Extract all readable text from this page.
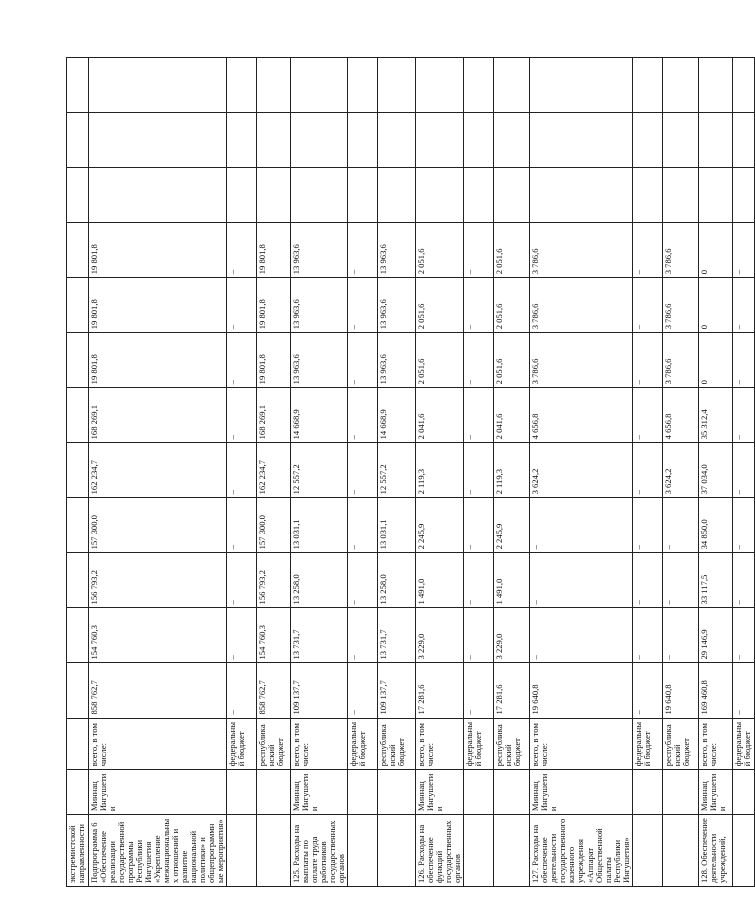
экстремистской направленности														
Подпрограмма 6 «Обеспечение реализации государственной программы Республики Ингушетия «Укрепление межнациональных отношений и развитие национальной политики» и общепрограммные мероприятия»	Миннац Ингушетии	всего, в том числе:	858 762,7	154 760,3	156 793,2	157 300,0	162 234,7	168 269,1	19 801,8	19 801,8	19 801,8			
		федеральный бюджет	–	–	–	–	–	–	–	–	–			
		республиканский бюджет	858 762,7	154 760,3	156 793,2	157 300,0	162 234,7	168 269,1	19 801,8	19 801,8	19 801,8			
125. Расходы на выплаты по оплате труда работников государственных органов	Миннац Ингушетии	всего, в том числе:	109 137,7	13 731,7	13 258,0	13 031,1	12 557,2	14 668,9	13 963,6	13 963,6	13 963,6			
		федеральный бюджет	–	–	–	–	–	–	–	–	–			
		республиканский бюджет	109 137,7	13 731,7	13 258,0	13 031,1	12 557,2	14 668,9	13 963,6	13 963,6	13 963,6			
126. Расходы на обеспечение функций государственных органов	Миннац Ингушетии	всего, в том числе:	17 281,6	3 229,0	1 491,0	2 245,9	2 119,3	2 041,6	2 051,6	2 051,6	2 051,6			
		федеральный бюджет	–	–	–	–	–	–	–	–	–			
		республиканский бюджет	17 281,6	3 229,0	1 491,0	2 245,9	2 119,3	2 041,6	2 051,6	2 051,6	2 051,6			
127. Расходы на обеспечение деятельности государственного казенного учреждения «Аппарат Общественной палаты Республики Ингушетия»	Миннац Ингушетии	всего, в том числе:	19 640,8	–	–	–	3 624,2	4 656,8	3 786,6	3 786,6	3 786,6			
		федеральный бюджет	–	–	–	–	–	–	–	–	–			
		республиканский бюджет	19 640,8	–	–	–	3 624,2	4 656,8	3 786,6	3 786,6	3 786,6			
128. Обеспечение деятельности учреждений,	Миннац Ингушетии	всего, в том числе:	169 460,8	29 146,9	33 117,5	34 850,0	37 034,0	35 312,4	0	0	0			
		федеральный бюджет	–	–	–	–	–	–	–	–	–			
